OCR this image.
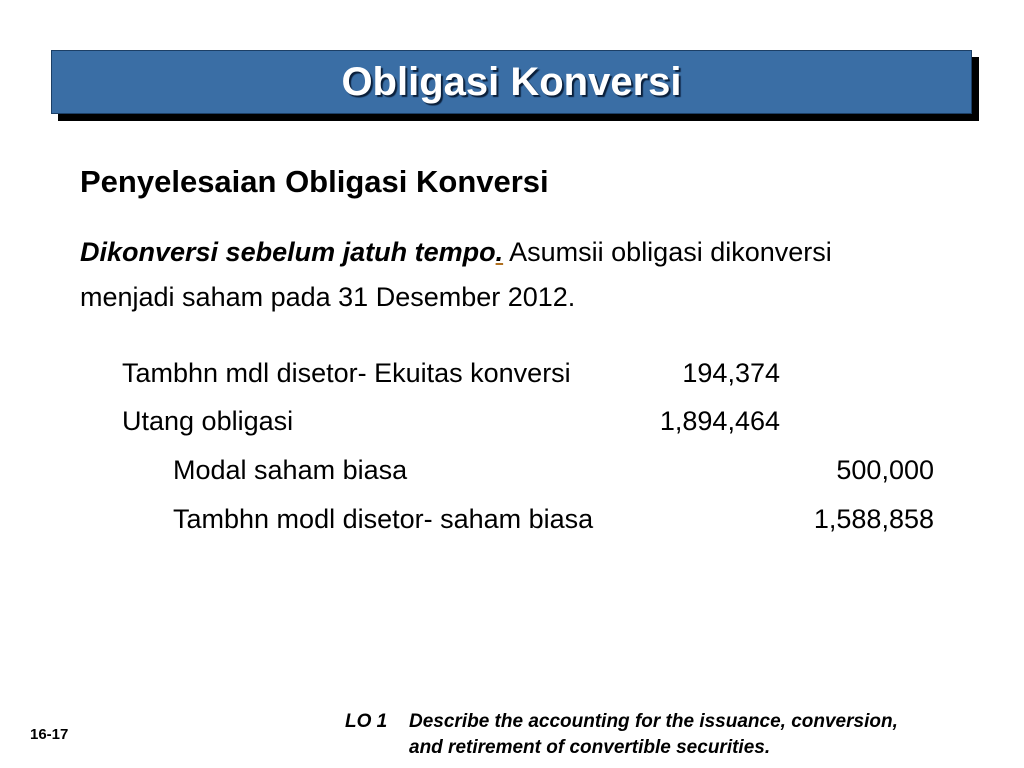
Obligasi Konversi
Penyelesaian Obligasi Konversi
Dikonversi sebelum jatuh tempo. Asumsii obligasi dikonversi
menjadi saham pada 31 Desember 2012.
Tambhn mdl disetor- Ekuitas konversi	194,374
Utang obligasi	1,894,464
Modal saham biasa	500,000
Tambhn modl disetor- saham biasa	1,588,858
16-17
LO 1	Describe the accounting for the issuance, conversion,
and retirement of convertible securities.
